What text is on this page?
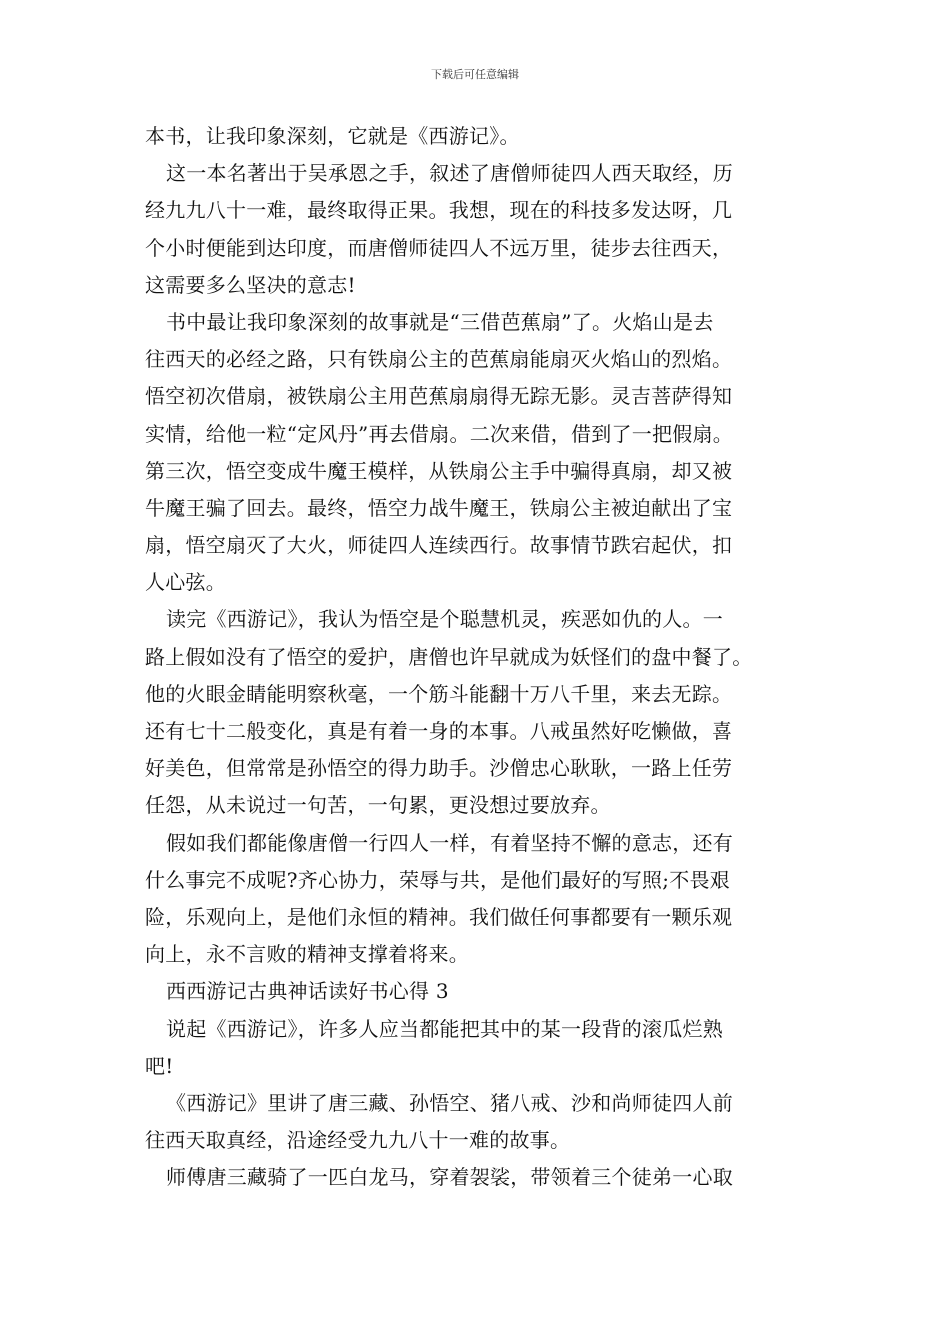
下载后可任意编辑
本书，让我印象深刻，它就是《西游记》。
这一本名著出于吴承恩之手，叙述了唐僧师徒四人西天取经，历
经九九八十一难，最终取得正果。我想，现在的科技多发达呀，几
个小时便能到达印度，而唐僧师徒四人不远万里，徒步去往西天，
这需要多么坚决的意志!
书中最让我印象深刻的故事就是“三借芭蕉扇”了。火焰山是去
往西天的必经之路，只有铁扇公主的芭蕉扇能扇灭火焰山的烈焰。
悟空初次借扇，被铁扇公主用芭蕉扇扇得无踪无影。灵吉菩萨得知
实情，给他一粒“定风丹”再去借扇。二次来借，借到了一把假扇。
第三次，悟空变成牛魔王模样，从铁扇公主手中骗得真扇，却又被
牛魔王骗了回去。最终，悟空力战牛魔王，铁扇公主被迫献出了宝
扇，悟空扇灭了大火，师徒四人连续西行。故事情节跌宕起伏，扣
人心弦。
读完《西游记》，我认为悟空是个聪慧机灵，疾恶如仇的人。一
路上假如没有了悟空的爱护，唐僧也许早就成为妖怪们的盘中餐了。
他的火眼金睛能明察秋毫，一个筋斗能翻十万八千里，来去无踪。
还有七十二般变化，真是有着一身的本事。八戒虽然好吃懒做，喜
好美色，但常常是孙悟空的得力助手。沙僧忠心耿耿，一路上任劳
任怨，从未说过一句苦，一句累，更没想过要放弃。
假如我们都能像唐僧一行四人一样，有着坚持不懈的意志，还有
什么事完不成呢?齐心协力，荣辱与共，是他们最好的写照;不畏艰
险，乐观向上，是他们永恒的精神。我们做任何事都要有一颗乐观
向上，永不言败的精神支撑着将来。
西西游记古典神话读好书心得 3
说起《西游记》，许多人应当都能把其中的某一段背的滚瓜烂熟
吧!
《西游记》里讲了唐三藏、孙悟空、猪八戒、沙和尚师徒四人前
往西天取真经，沿途经受九九八十一难的故事。
师傅唐三藏骑了一匹白龙马，穿着袈裟，带领着三个徒弟一心取
